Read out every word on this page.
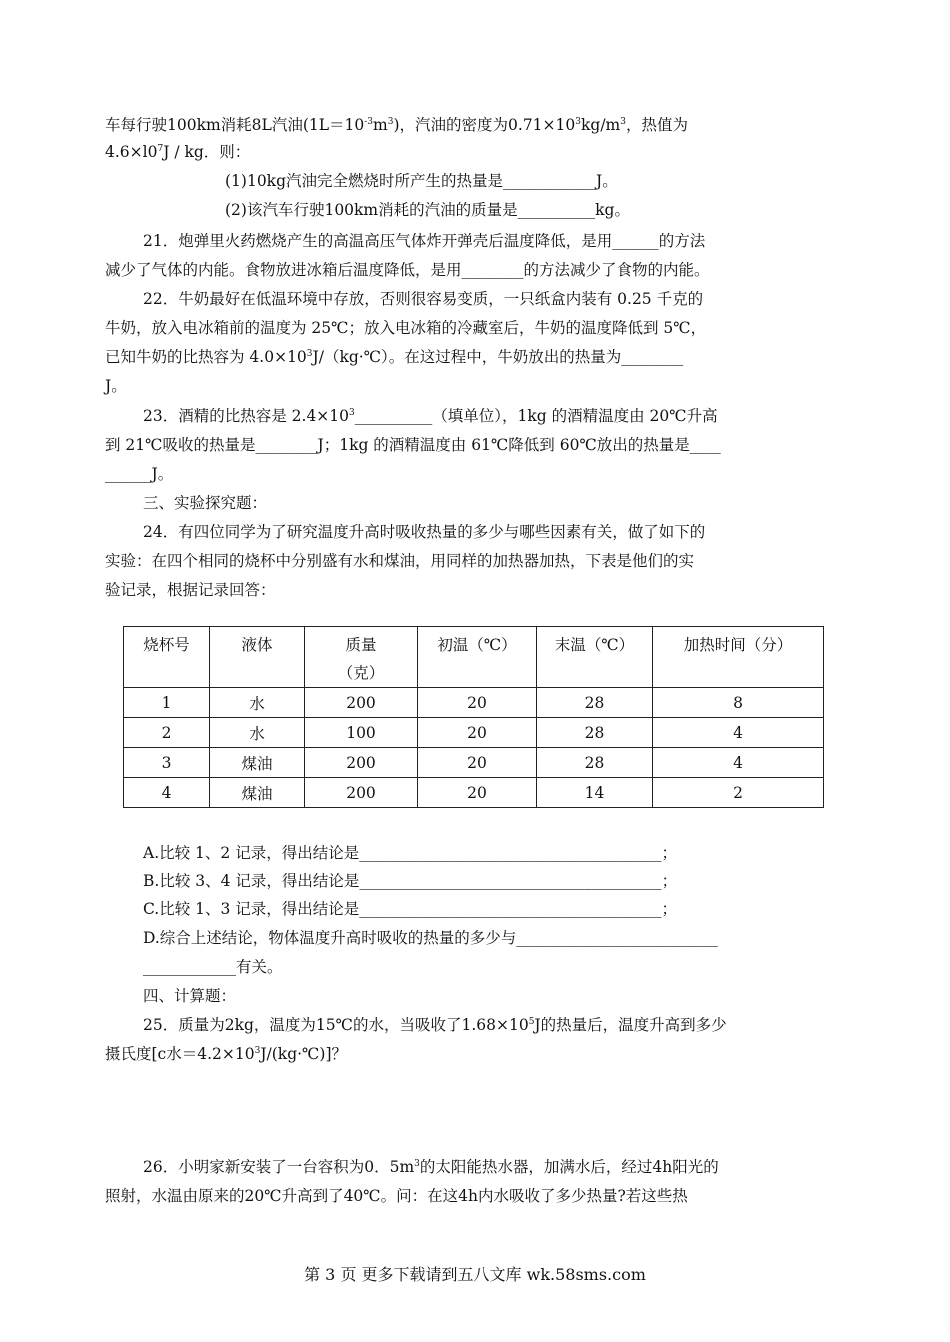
车每行驶100km消耗8L汽油$(1L=10^{-3}m^3)$，汽油的密度为$0.71\times 10^3kg/m^3$，热值为
$4.6\times l0^7J$ / kg．则：
(1)10kg汽油完全燃烧时所产生的热量是____________J。
(2)该汽车行驶100km消耗的汽油的质量是__________kg。
21．炮弹里火药燃烧产生的高温高压气体炸开弹壳后温度降低，是用______的方法
减少了气体的内能。食物放进冰箱后温度降低，是用________的方法减少了食物的内能。
22．牛奶最好在低温环境中存放，否则很容易变质，一只纸盒内装有 0.25 千克的
牛奶，放入电冰箱前的温度为 25℃；放入电冰箱的冷藏室后，牛奶的温度降低到 5℃，
已知牛奶的比热容为 $4.0\times 10^3J/(kg\cdot℃)$。在这过程中，牛奶放出的热量为________
J。
23．酒精的比热容是 $2.4\times 10^3\_\_\_\_\_\_\_\_\_\_$（填单位），1kg 的酒精温度由 20℃升高
到 21℃吸收的热量是________J；1kg 的酒精温度由 61℃降低到 60℃放出的热量是____
______J。
三、实验探究题：
24．有四位同学为了研究温度升高时吸收热量的多少与哪些因素有关，做了如下的
实验：在四个相同的烧杯中分别盛有水和煤油，用同样的加热器加热，下表是他们的实
验记录，根据记录回答：
烧杯号	液体	质量
（克）	初温（℃）	末温（℃）	加热时间（分）
1	水	200	20	28	8
2	水	100	20	28	4
3	煤油	200	20	28	4
4	煤油	200	20	14	2
A.比较 1、2 记录，得出结论是_______________________________________；
B.比较 3、4 记录，得出结论是_______________________________________；
C.比较 1、3 记录，得出结论是_______________________________________；
D.综合上述结论，物体温度升高时吸收的热量的多少与__________________________
____________有关。
四、计算题：
25．质量为2kg，温度为15℃的水，当吸收了$1.68\times 10^5J$的热量后，温度升高到多少
摄氏度[c水$=4.2\times 10^3J/(kg\cdot℃)$]？
26．小明家新安装了一台容积为0．$5m^3$的太阳能热水器，加满水后，经过4h阳光的
照射，水温由原来的20℃升高到了40℃。问：在这4h内水吸收了多少热量?若这些热
第 3 页 更多下载请到五八文库 wk.58sms.com
